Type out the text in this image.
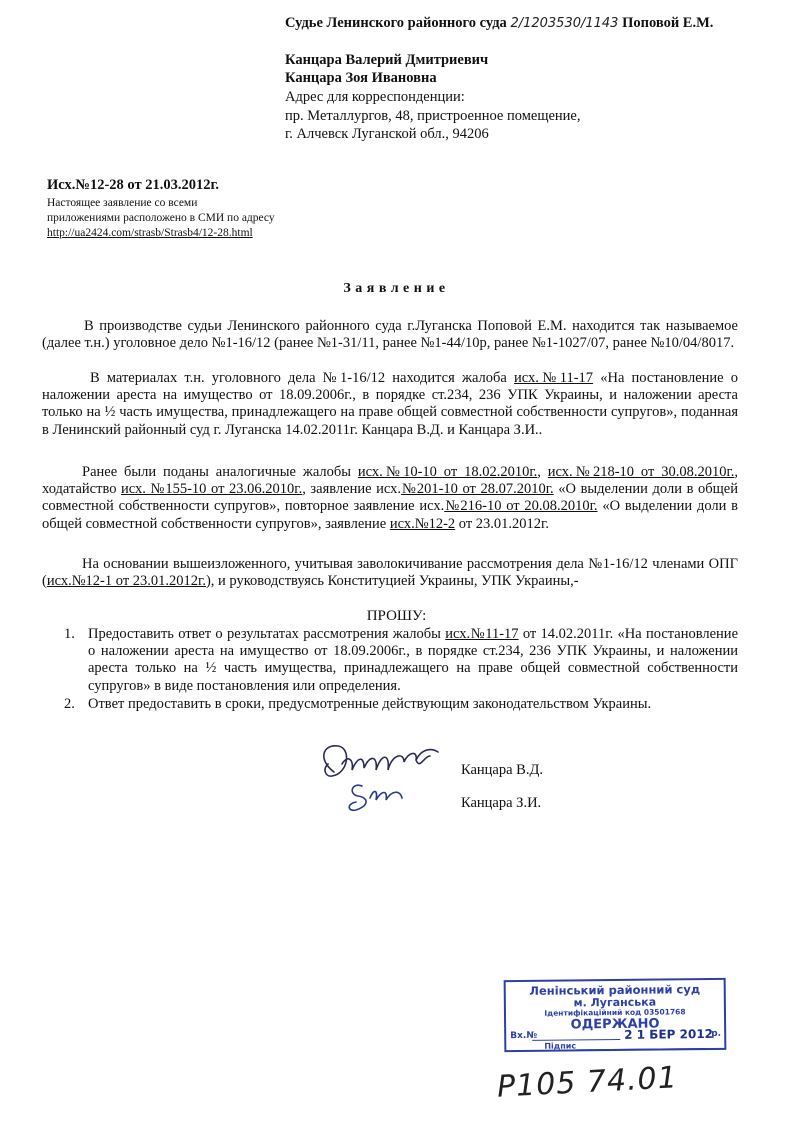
Судье Ленинского районного суда 2/1203530/1143 Поповой Е.М.
Канцара Валерий Дмитриевич
Канцара Зоя Ивановна
Адрес для корреспонденции:
пр. Металлургов, 48, пристроенное помещение,
г. Алчевск Луганской обл., 94206
Исх.№12-28 от 21.03.2012г.
Настоящее заявление со всеми
приложениями расположено в СМИ по адресу
http://ua2424.com/strasb/Strasb4/12-28.html
Заявление

В производстве судьи Ленинского районного суда г.Луганска Поповой Е.М. находится так называемое (далее т.н.) уголовное дело №1-16/12 (ранее №1-31/11, ранее №1-44/10р, ранее №1-1027/07, ранее №10/04/8017.

В материалах т.н. уголовного дела №1-16/12 находится жалоба исх.№11-17 «На постановление о наложении ареста на имущество от 18.09.2006г., в порядке ст.234, 236 УПК Украины, и наложении ареста только на ½ часть имущества, принадлежащего на праве общей совместной собственности супругов», поданная в Ленинский районный суд г. Луганска 14.02.2011г. Канцара В.Д. и Канцара З.И..

Ранее были поданы аналогичные жалобы исх.№10-10 от 18.02.2010г., исх.№218-10 от 30.08.2010г., ходатайство исх. №155-10 от 23.06.2010г., заявление исх.№201-10 от 28.07.2010г. «О выделении доли в общей совместной собственности супругов», повторное заявление исх.№216-10 от 20.08.2010г. «О выделении доли в общей совместной собственности супругов», заявление исх.№12-2 от 23.01.2012г.

На основании вышеизложенного, учитывая заволокичивание рассмотрения дела №1-16/12 членами ОПГ (исх.№12-1 от 23.01.2012г.), и руководствуясь Конституцией Украины, УПК Украины,-

ПРОШУ:
1. Предоставить ответ о результатах рассмотрения жалобы исх.№11-17 от 14.02.2011г. «На постановление о наложении ареста на имущество от 18.09.2006г., в порядке ст.234, 236 УПК Украины, и наложении ареста только на ½ часть имущества, принадлежащего на праве общей совместной собственности супругов» в виде постановления или определения.
2. Ответ предоставить в сроки, предусмотренные действующим законодательством Украины.
Канцара В.Д.
Канцара З.И.
Ленінський районний суд
м. Луганська
Ідентифікаційний код 03501768
ОДЕРЖАНО
Вх.№	2 1 БЕР 2012
р.
Підпис
P105 74.01
